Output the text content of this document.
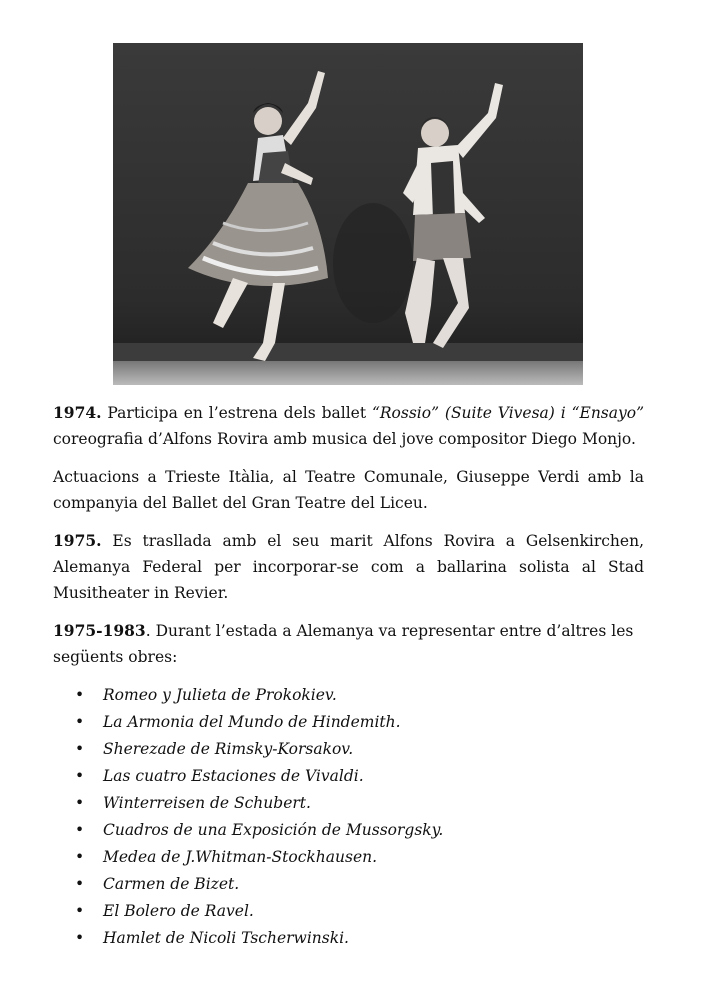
1974. Participa en l’estrena dels ballet “Rossio” (Suite Vivesa) i “Ensayo” coreografia d’Alfons Rovira amb musica del jove compositor Diego Monjo.

Actuacions a Trieste Itàlia, al Teatre Comunale, Giuseppe Verdi amb la companyia del Ballet del Gran Teatre del Liceu.

1975. Es traslladа amb el seu marit Alfons Rovira a Gelsenkirchen, Alemanya Federal per incorporar-se com a ballarina solista al Stad Musitheater in Revier.

1975-1983. Durant l’estada a Alemanya va representar entre d’altres les següents obres:

• Romeo y Julieta de Prokokiev.
• La Armonia del Mundo de Hindemith.
• Sherezade de Rimsky-Korsakov.
• Las cuatro Estaciones de Vivaldi.
• Winterreisen de Schubert.
• Cuadros de una Exposición de Mussorgsky.
• Medea de J.Whitman-Stockhausen.
• Carmen de Bizet.
• El Bolero de Ravel.
• Hamlet de Nicoli Tscherwinski.
